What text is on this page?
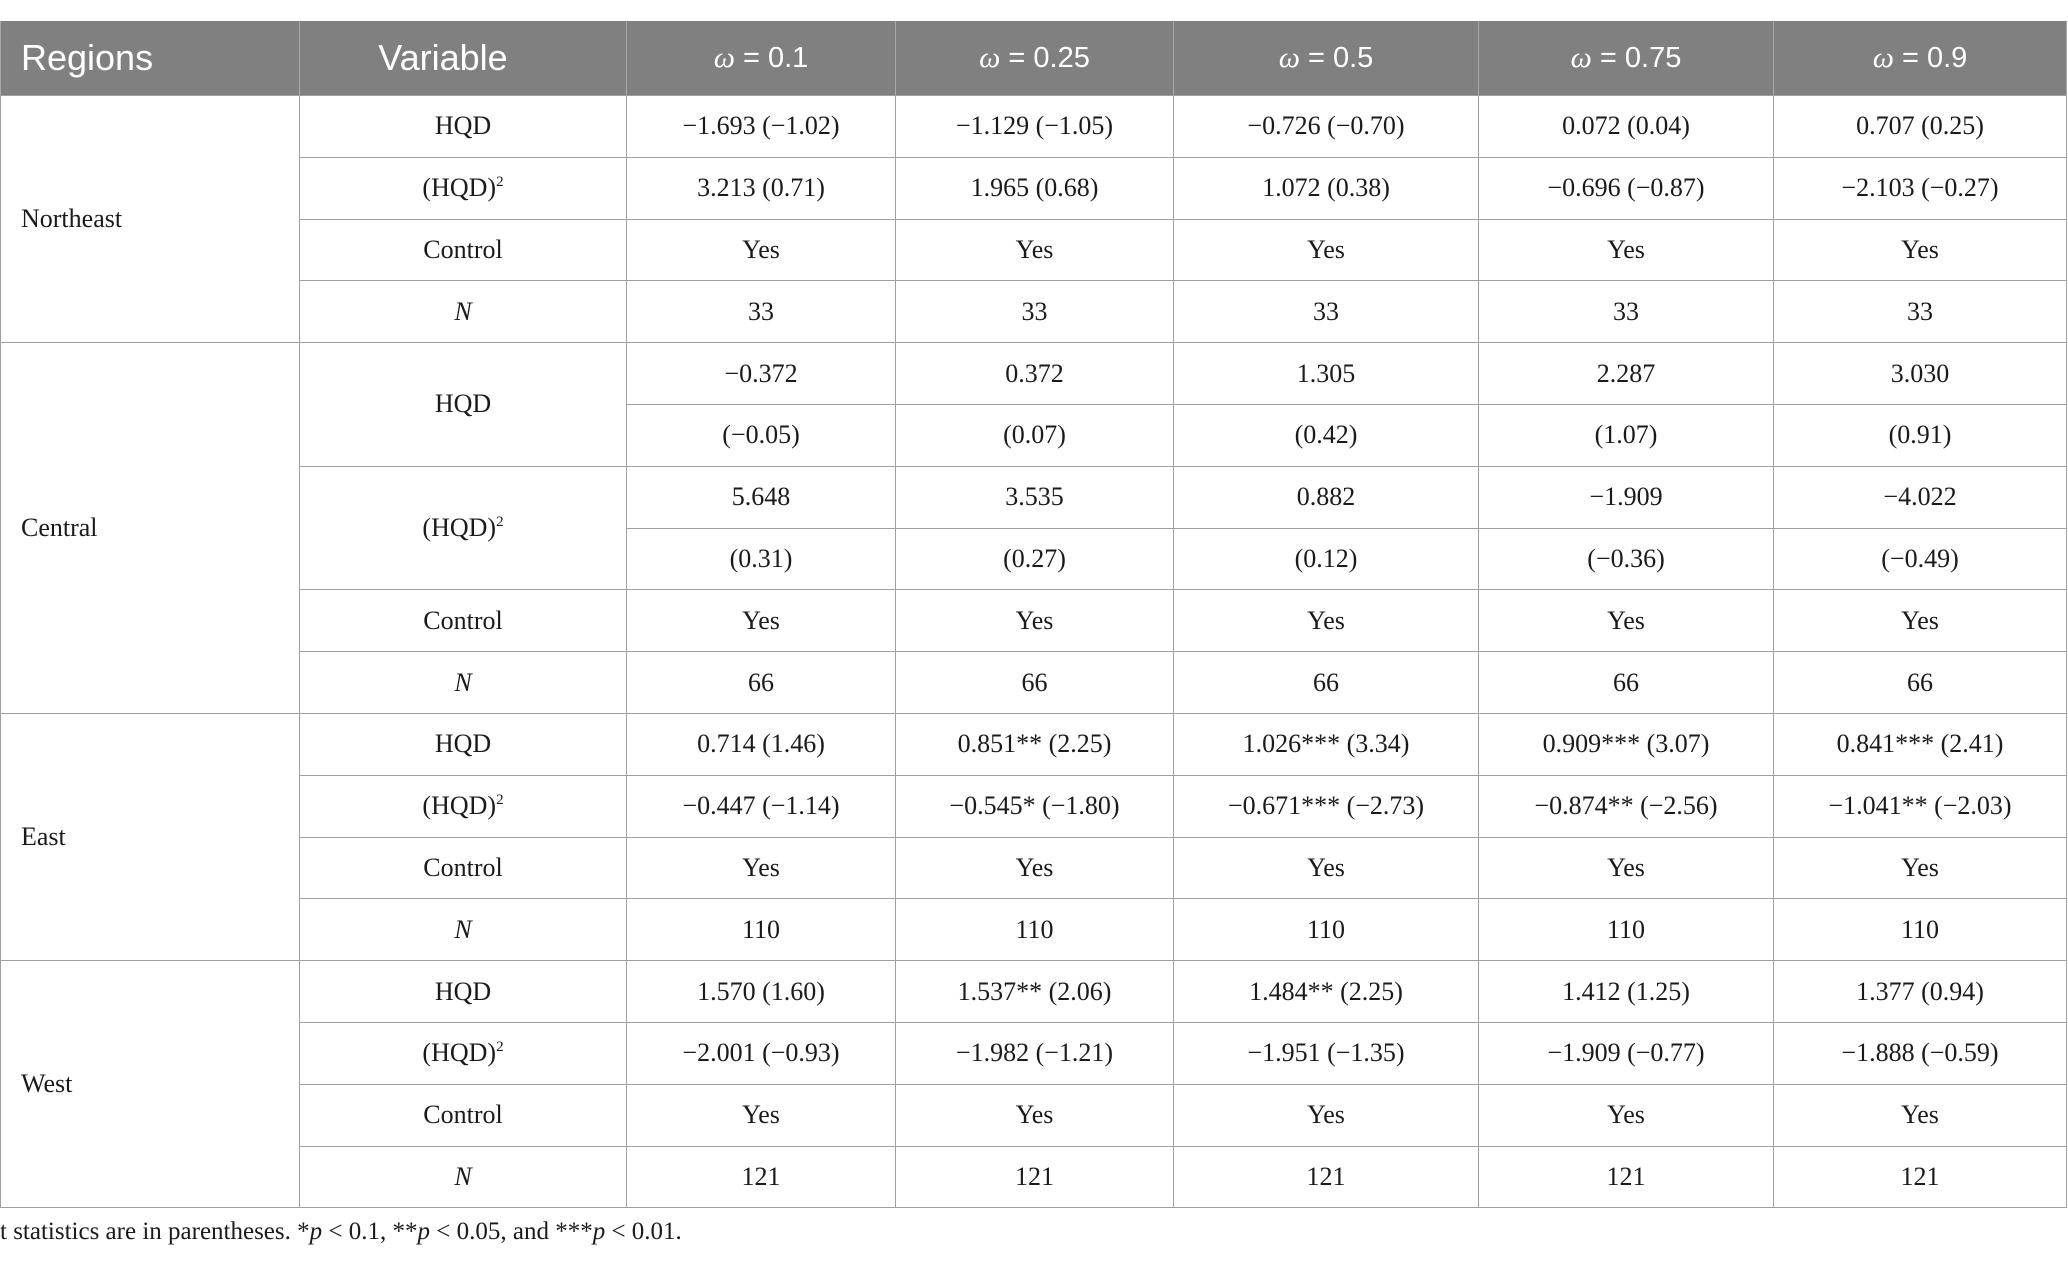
Regions	Variable	ω = 0.1	ω = 0.25	ω = 0.5	ω = 0.75	ω = 0.9
Northeast	HQD	−1.693 (−1.02)	−1.129 (−1.05)	−0.726 (−0.70)	0.072 (0.04)	0.707 (0.25)
	(HQD)$^2$	3.213 (0.71)	1.965 (0.68)	1.072 (0.38)	−0.696 (−0.87)	−2.103 (−0.27)
	Control	Yes	Yes	Yes	Yes	Yes
	N	33	33	33	33	33
Central	HQD	−0.372	0.372	1.305	2.287	3.030
		(−0.05)	(0.07)	(0.42)	(1.07)	(0.91)
	(HQD)$^2$	5.648	3.535	0.882	−1.909	−4.022
		(0.31)	(0.27)	(0.12)	(−0.36)	(−0.49)
	Control	Yes	Yes	Yes	Yes	Yes
	N	66	66	66	66	66
East	HQD	0.714 (1.46)	0.851** (2.25)	1.026*** (3.34)	0.909*** (3.07)	0.841*** (2.41)
	(HQD)$^2$	−0.447 (−1.14)	−0.545* (−1.80)	−0.671*** (−2.73)	−0.874** (−2.56)	−1.041** (−2.03)
	Control	Yes	Yes	Yes	Yes	Yes
	N	110	110	110	110	110
West	HQD	1.570 (1.60)	1.537** (2.06)	1.484** (2.25)	1.412 (1.25)	1.377 (0.94)
	(HQD)$^2$	−2.001 (−0.93)	−1.982 (−1.21)	−1.951 (−1.35)	−1.909 (−0.77)	−1.888 (−0.59)
	Control	Yes	Yes	Yes	Yes	Yes
	N	121	121	121	121	121
t statistics are in parentheses. *p < 0.1, **p < 0.05, and ***p < 0.01.
